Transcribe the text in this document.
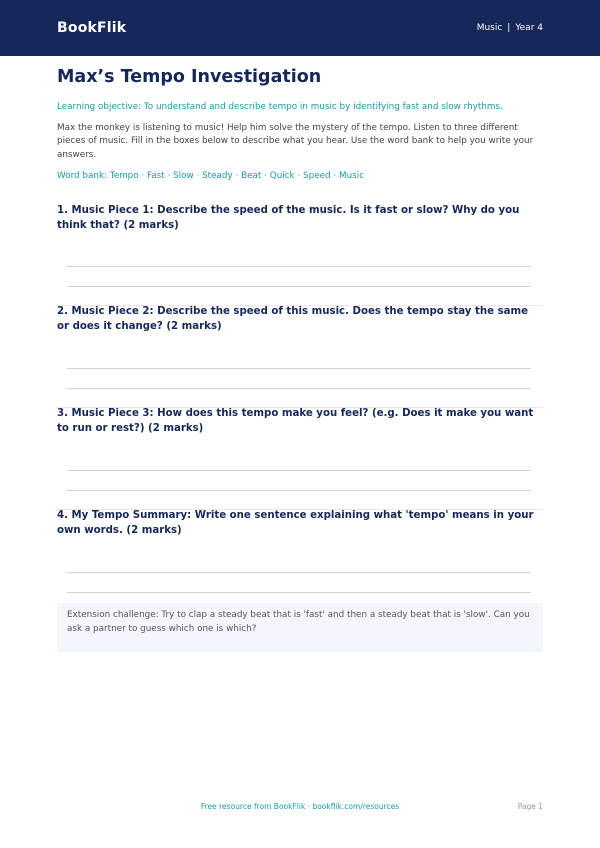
BookFlik	Music | Year 4
Max’s Tempo Investigation
Learning objective: To understand and describe tempo in music by identifying fast and slow rhythms.
Max the monkey is listening to music! Help him solve the mystery of the tempo. Listen to three different pieces of music. Fill in the boxes below to describe what you hear. Use the word bank to help you write your answers.
Word bank: Tempo · Fast · Slow · Steady · Beat · Quick · Speed · Music
1. Music Piece 1: Describe the speed of the music. Is it fast or slow? Why do you think that? (2 marks)
2. Music Piece 2: Describe the speed of this music. Does the tempo stay the same or does it change? (2 marks)
3. Music Piece 3: How does this tempo make you feel? (e.g. Does it make you want to run or rest?) (2 marks)
4. My Tempo Summary: Write one sentence explaining what 'tempo' means in your own words. (2 marks)
Extension challenge: Try to clap a steady beat that is 'fast' and then a steady beat that is 'slow'. Can you ask a partner to guess which one is which?
Free resource from BookFlik · bookflik.com/resources	Page 1
